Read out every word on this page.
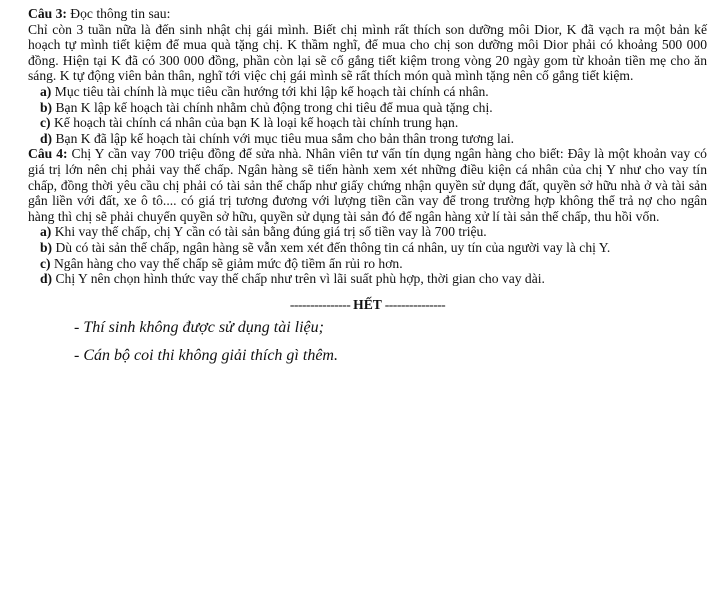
Câu 3: Đọc thông tin sau:

Chỉ còn 3 tuần nữa là đến sinh nhật chị gái mình. Biết chị mình rất thích son dưỡng môi Dior, K đã vạch ra một bản kế hoạch tự mình tiết kiệm để mua quà tặng chị. K thầm nghĩ, để mua cho chị son dưỡng môi Dior phải có khoảng 500 000 đồng. Hiện tại K đã có 300 000 đồng, phần còn lại sẽ cố gắng tiết kiệm trong vòng 20 ngày gom từ khoản tiền mẹ cho ăn sáng. K tự động viên bản thân, nghĩ tới việc chị gái mình sẽ rất thích món quà mình tặng nên cố gắng tiết kiệm.

a) Mục tiêu tài chính là mục tiêu cần hướng tới khi lập kế hoạch tài chính cá nhân.

b) Bạn K lập kế hoạch tài chính nhằm chủ động trong chi tiêu để mua quà tặng chị.

c) Kế hoạch tài chính cá nhân của bạn K là loại kế hoạch tài chính trung hạn.

d) Bạn K đã lập kế hoạch tài chính với mục tiêu mua sắm cho bản thân trong tương lai.

Câu 4: Chị Y cần vay 700 triệu đồng để sửa nhà. Nhân viên tư vấn tín dụng ngân hàng cho biết: Đây là một khoản vay có giá trị lớn nên chị phải vay thế chấp. Ngân hàng sẽ tiến hành xem xét những điều kiện cá nhân của chị Y như cho vay tín chấp, đồng thời yêu cầu chị phải có tài sản thế chấp như giấy chứng nhận quyền sử dụng đất, quyền sở hữu nhà ở và tài sản gắn liền với đất, xe ô tô.... có giá trị tương đương với lượng tiền cần vay để trong trường hợp không thể trả nợ cho ngân hàng thì chị sẽ phải chuyển quyền sở hữu, quyền sử dụng tài sản đó để ngân hàng xử lí tài sản thế chấp, thu hồi vốn.

a) Khi vay thế chấp, chị Y cần có tài sản bằng đúng giá trị số tiền vay là 700 triệu.

b) Dù có tài sản thế chấp, ngân hàng sẽ vẫn xem xét đến thông tin cá nhân, uy tín của người vay là chị Y.

c) Ngân hàng cho vay thế chấp sẽ giảm mức độ tiềm ẩn rủi ro hơn.

d) Chị Y nên chọn hình thức vay thế chấp như trên vì lãi suất phù hợp, thời gian cho vay dài.

--------------- HẾT ---------------

- Thí sinh không được sử dụng tài liệu;

- Cán bộ coi thi không giải thích gì thêm.
